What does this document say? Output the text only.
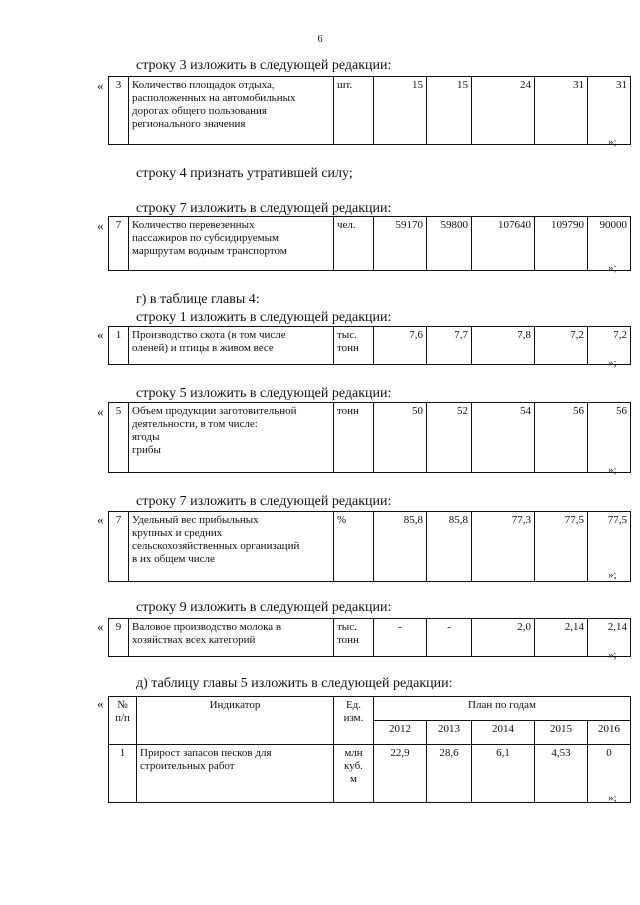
6
строку 3 изложить в следующей редакции:
« 3	Количество площадок отдыха,
расположенных на автомобильных
дорогах общего пользования
регионального значения
	шт.	15	15	24	31	31
»;
строку 4 признать утратившей силу;
строку 7 изложить в следующей редакции:
« 7	Количество перевезенных
пассажиров по субсидируемым
маршрутам водным транспортом
	чел.	59170	59800	107640	109790	90000
»;
г) в таблице главы 4:
строку 1 изложить в следующей редакции:
« 1	Производство скота (в том числе
оленей) и птицы в живом весе
	тыс. тонн	7,6	7,7	7,8	7,2	7,2
»;
строку 5 изложить в следующей редакции:
« 5	Объем продукции заготовительной
деятельности, в том числе:
ягоды
грибы
	тонн	50	52	54	56	56
»;
строку 7 изложить в следующей редакции:
« 7	Удельный вес прибыльных
крупных и средних
сельскохозяйственных организаций
в их общем числе
	%	85,8	85,8	77,3	77,5	77,5
»;
строку 9 изложить в следующей редакции:
« 9	Валовое производство молока в
хозяйствах всех категорий
	тыс. тонн	-	-	2,0	2,14	2,14
»;
д) таблицу главы 5 изложить в следующей редакции:
« № п/п	Индикатор	Ед. изм.	План по годам				
			2012	2013	2014	2015	2016
1	Прирост запасов песков для
строительных работ	млн
куб.
м	22,9	28,6	6,1	4,53	0
»;
